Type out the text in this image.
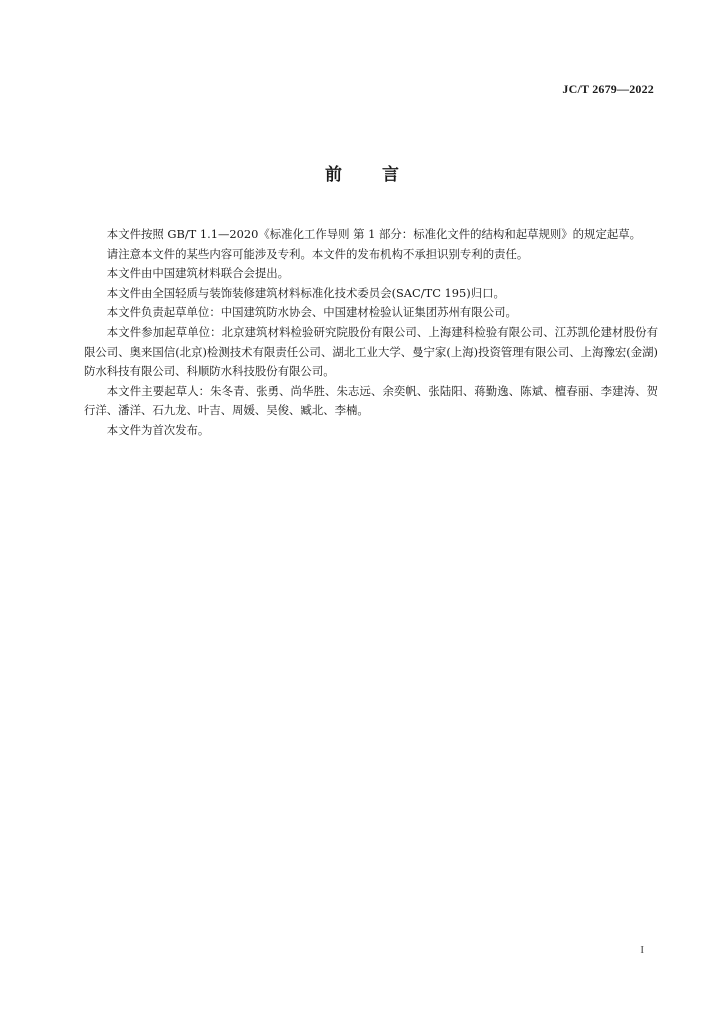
JC/T 2679—2022
前言

本文件按照 GB/T 1.1—2020《标准化工作导则 第 1 部分：标准化文件的结构和起草规则》的规定起草。

请注意本文件的某些内容可能涉及专利。本文件的发布机构不承担识别专利的责任。

本文件由中国建筑材料联合会提出。

本文件由全国轻质与装饰装修建筑材料标准化技术委员会(SAC/TC 195)归口。

本文件负责起草单位：中国建筑防水协会、中国建材检验认证集团苏州有限公司。

本文件参加起草单位：北京建筑材料检验研究院股份有限公司、上海建科检验有限公司、江苏凯伦建材股份有限公司、奥来国信(北京)检测技术有限责任公司、湖北工业大学、曼宁家(上海)投资管理有限公司、上海豫宏(金湖)防水科技有限公司、科顺防水科技股份有限公司。

本文件主要起草人：朱冬青、张勇、尚华胜、朱志远、余奕帆、张陆阳、蒋勤逸、陈斌、檀春丽、李建涛、贺行洋、潘洋、石九龙、叶吉、周媛、吴俊、臧北、李楠。

本文件为首次发布。

I
